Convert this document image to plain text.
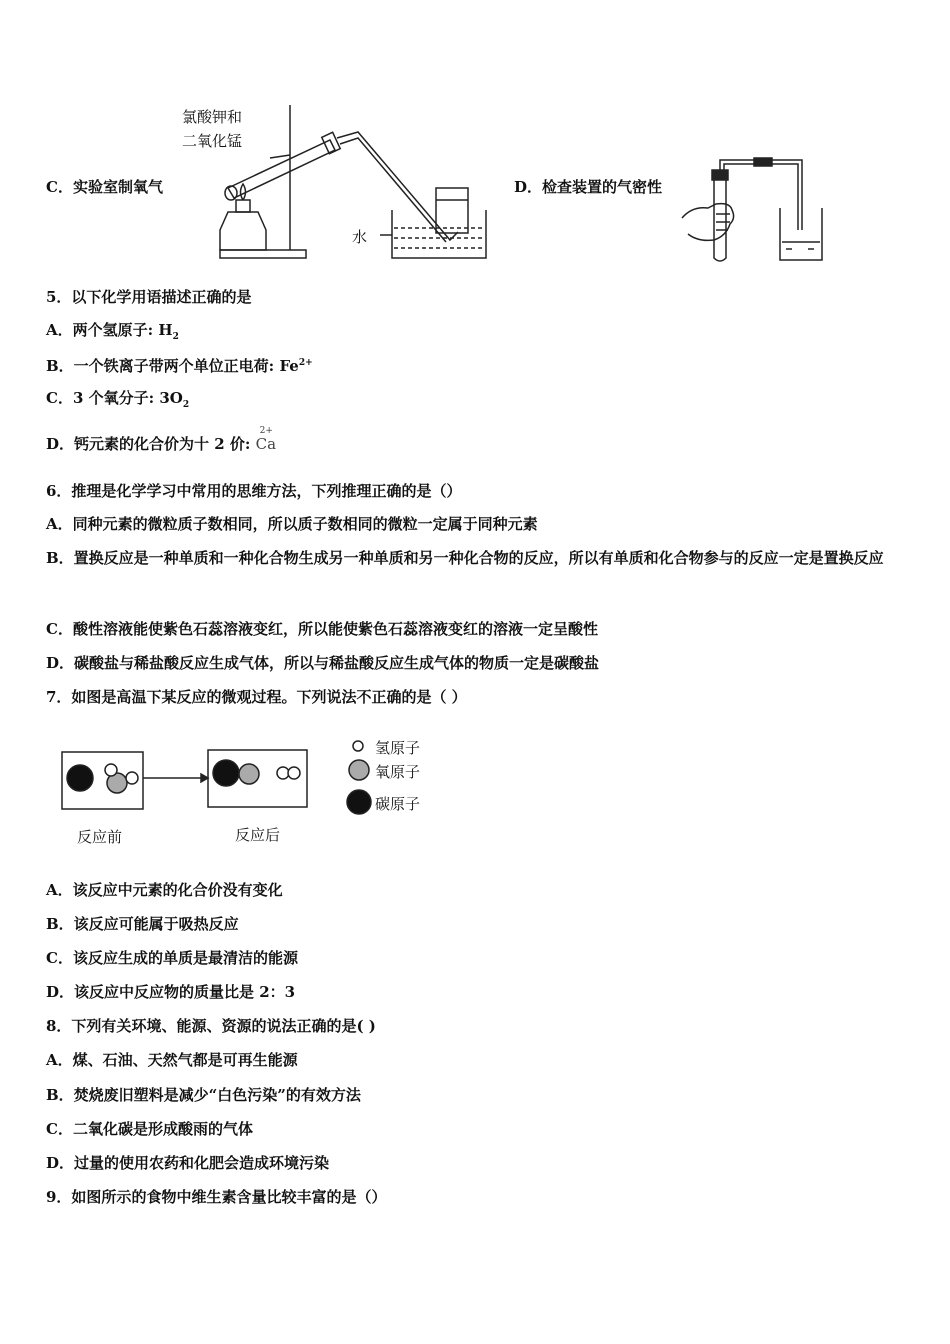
C．实验室制氧气
氯酸钾和
二氧化锰
水
D．检查装置的气密性
5．以下化学用语描述正确的是
A．两个氢原子: $H_2$
B．一个铁离子带两个单位正电荷: $Fe^{2+}$
C．3 个氧分子: $3O_2$
D．钙元素的化合价为十 2 价:
2+
Ca
6．推理是化学学习中常用的思维方法，下列推理正确的是（）
A．同种元素的微粒质子数相同，所以质子数相同的微粒一定属于同种元素
B．置换反应是一种单质和一种化合物生成另一种单质和另一种化合物的反应，所以有单质和化合物参与的反应一定是置换反应
C．酸性溶液能使紫色石蕊溶液变红，所以能使紫色石蕊溶液变红的溶液一定呈酸性
D．碳酸盐与稀盐酸反应生成气体，所以与稀盐酸反应生成气体的物质一定是碳酸盐
7．如图是高温下某反应的微观过程。下列说法不正确的是（ ）
反应前	反应后
氢原子
氧原子
碳原子
A．该反应中元素的化合价没有变化
B．该反应可能属于吸热反应
C．该反应生成的单质是最清洁的能源
D．该反应中反应物的质量比是 2：3
8．下列有关环境、能源、资源的说法正确的是( )
A．煤、石油、天然气都是可再生能源
B．焚烧废旧塑料是减少“白色污染”的有效方法
C．二氧化碳是形成酸雨的气体
D．过量的使用农药和化肥会造成环境污染
9．如图所示的食物中维生素含量比较丰富的是（）
